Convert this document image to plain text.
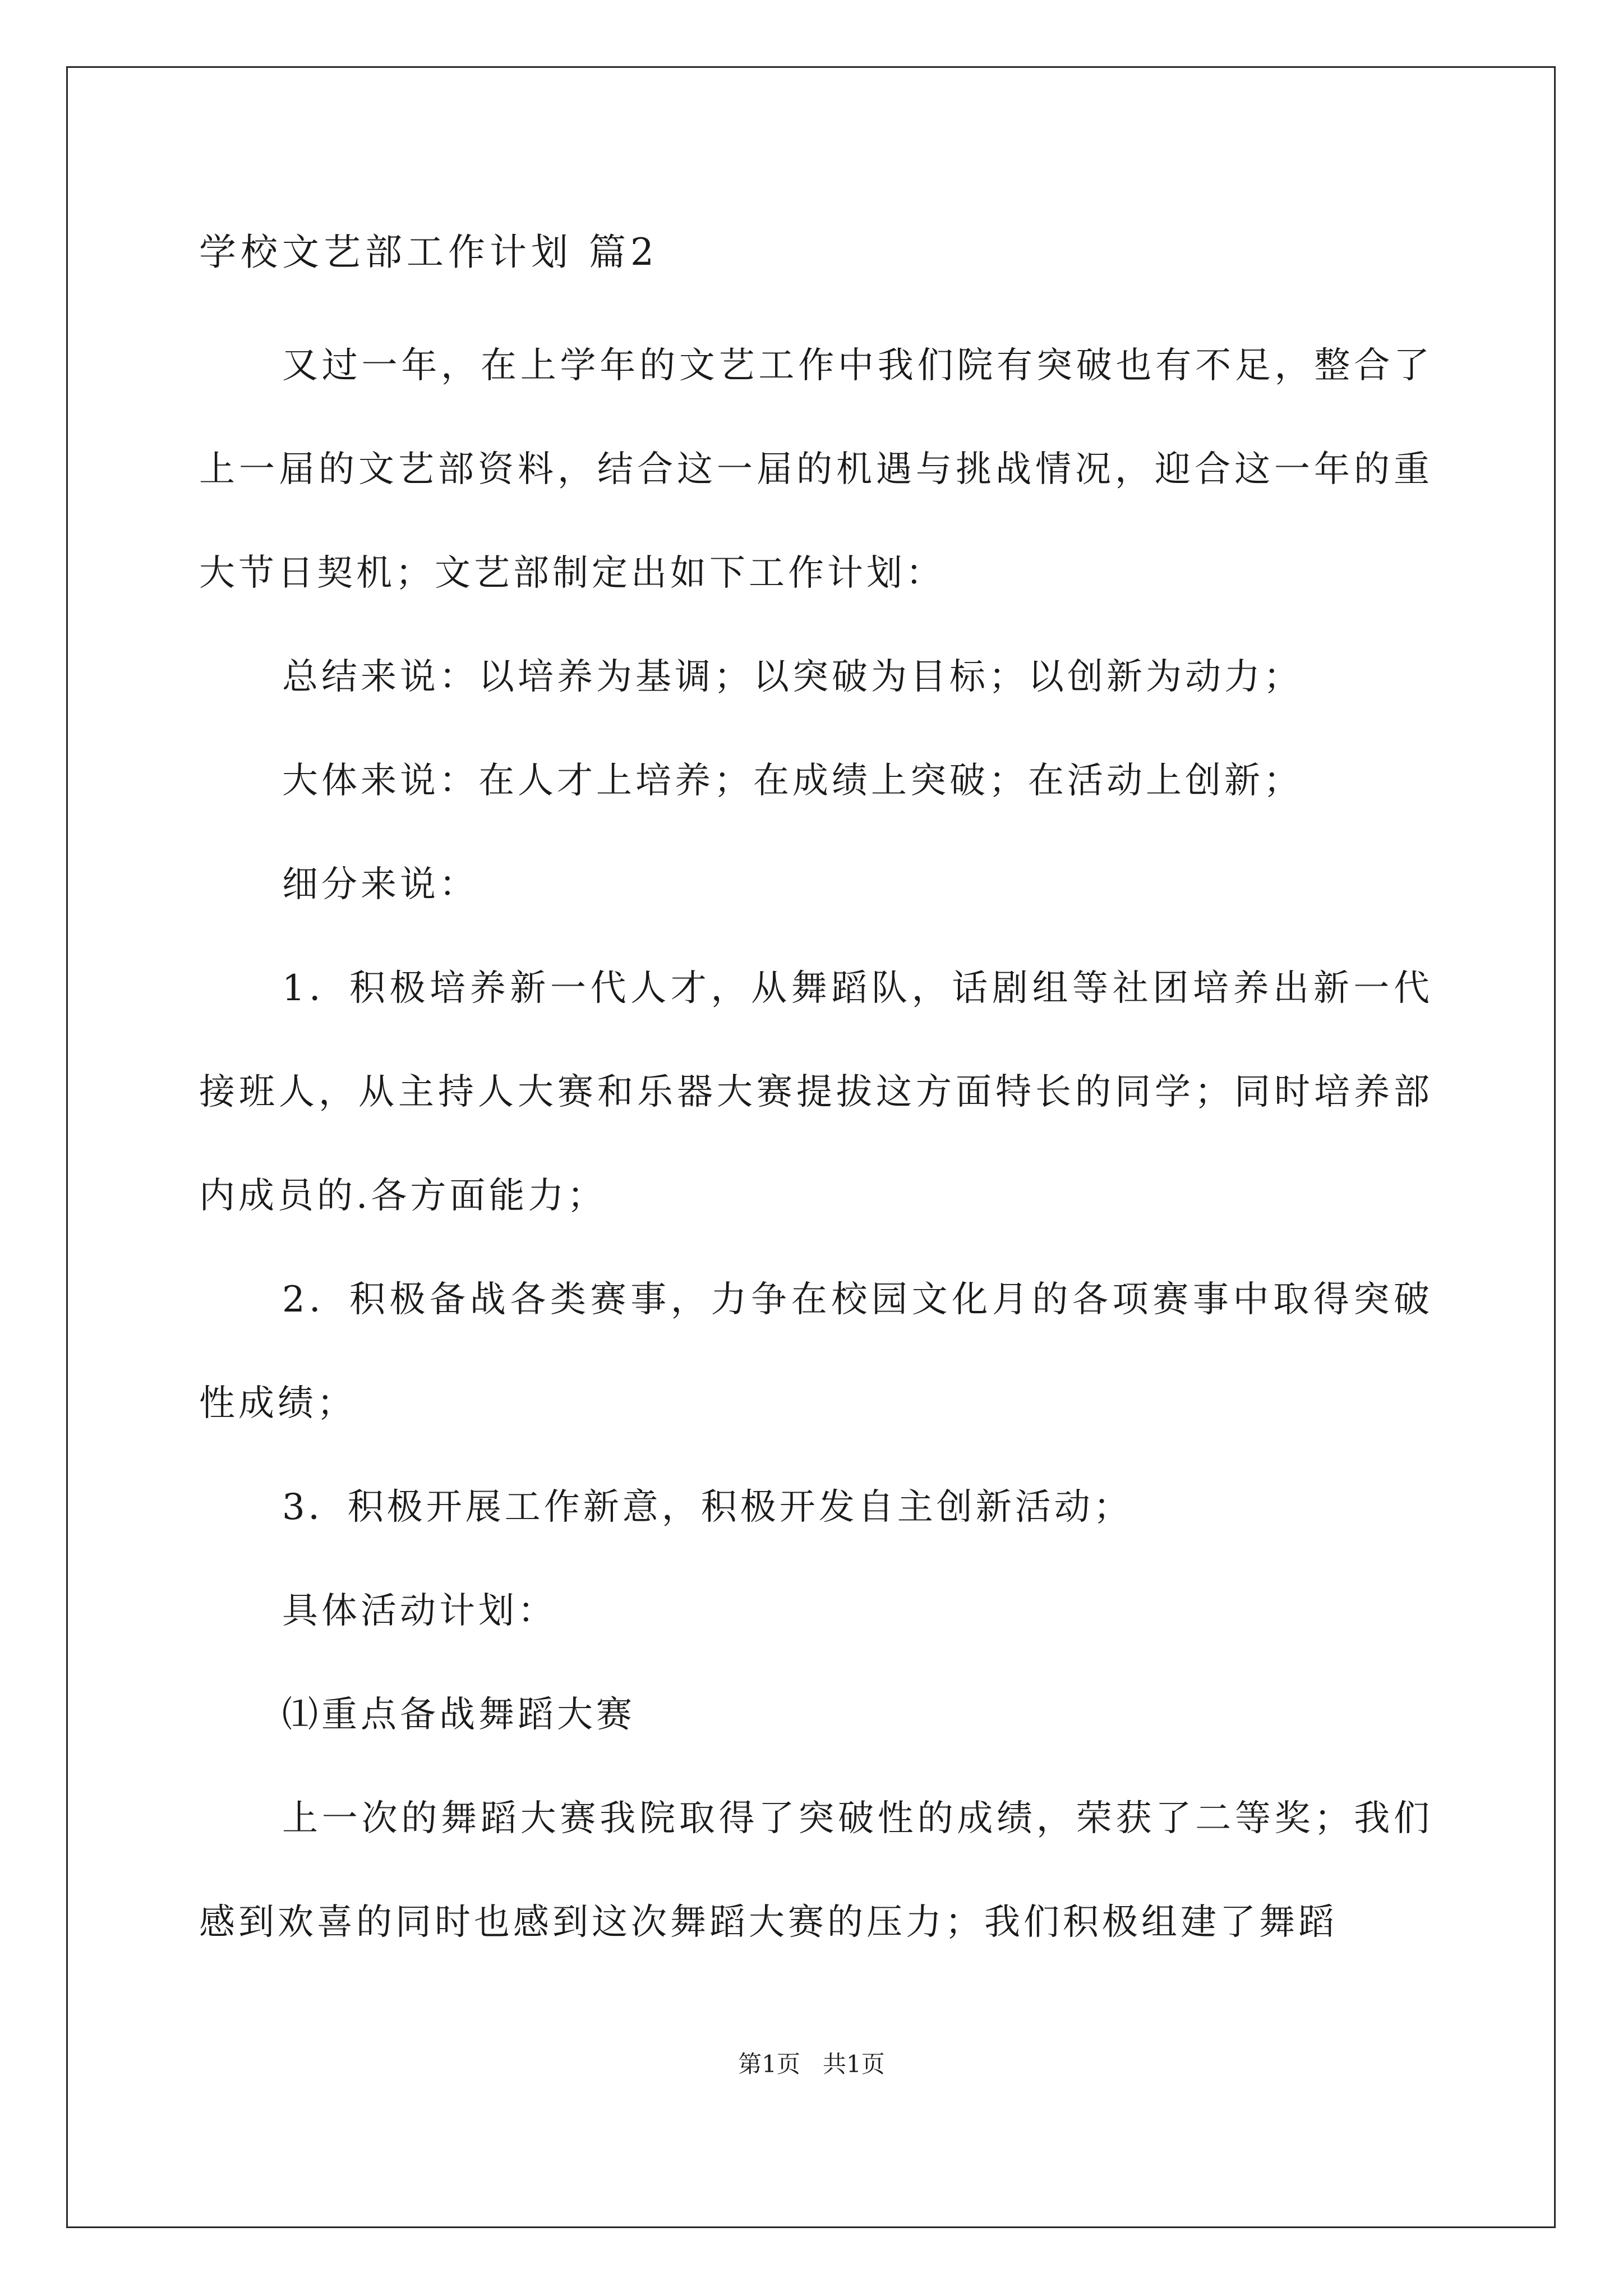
学校文艺部工作计划 篇2

又过一年，在上学年的文艺工作中我们院有突破也有不足，整合了上一届的文艺部资料，结合这一届的机遇与挑战情况，迎合这一年的重大节日契机；文艺部制定出如下工作计划：

总结来说：以培养为基调；以突破为目标；以创新为动力；

大体来说：在人才上培养；在成绩上突破；在活动上创新；

细分来说：

1．积极培养新一代人才，从舞蹈队，话剧组等社团培养出新一代接班人，从主持人大赛和乐器大赛提拔这方面特长的同学；同时培养部内成员的.各方面能力；

2．积极备战各类赛事，力争在校园文化月的各项赛事中取得突破性成绩；

3．积极开展工作新意，积极开发自主创新活动；

具体活动计划：

⑴重点备战舞蹈大赛

上一次的舞蹈大赛我院取得了突破性的成绩，荣获了二等奖；我们感到欢喜的同时也感到这次舞蹈大赛的压力；我们积极组建了舞蹈

第1页   共1页
